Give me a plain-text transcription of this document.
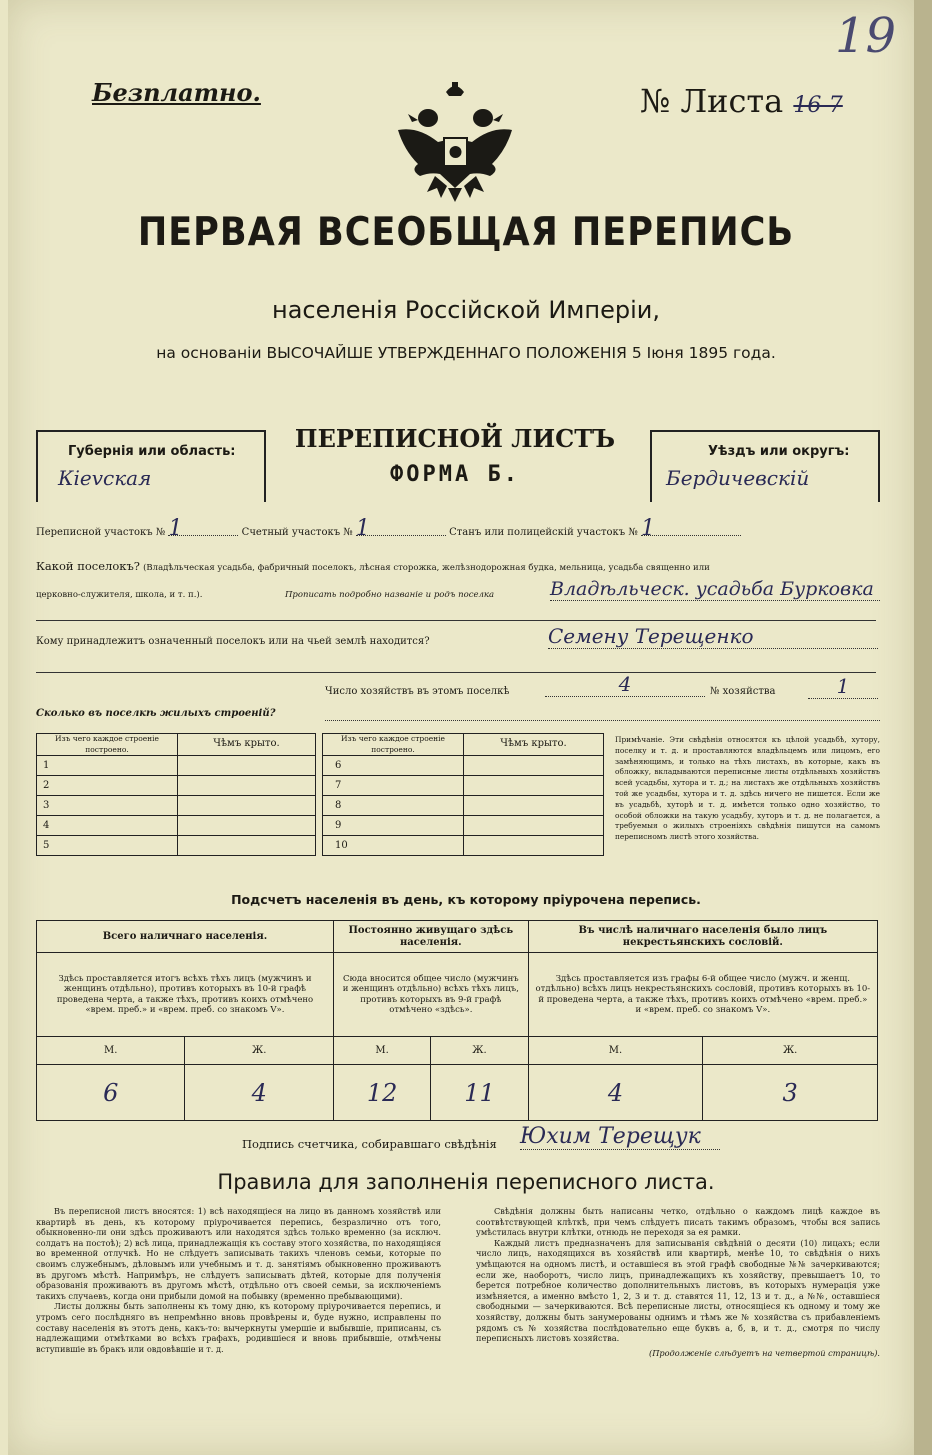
19
Безплатно.	№ Листа 16-7
ПЕРВАЯ ВСЕОБЩАЯ ПЕРЕПИСЬ
населенія Россійской Имперіи,
на основаніи ВЫСОЧАЙШЕ УТВЕРЖДЕННАГО ПОЛОЖЕНІЯ 5 Іюня 1895 года.
Губернія или область:
Кievская
ПЕРЕПИСНОЙ ЛИСТЪ
ФОРМА Б.
Уѣздъ или округъ:
Бердичевскій
Переписной участокъ № 1	Счетный участокъ № 1	Станъ или полицейскій участокъ № 1
Какой поселокъ? (Владѣльческая усадьба, фабричный поселокъ, лѣсная сторожка, желѣзнодорожная будка, мельница, усадьба священно или
церковно-служителя, школа, и т. п.).	Прописать подробно названіе и родъ поселка	Владѣльческ. усадьба Бурковка
Кому принадлежитъ означенный поселокъ или на чьей землѣ находится?	Семену Терещенко
Число хозяйствъ въ этомъ поселкѣ	4	№ хозяйства	1
Сколько въ поселкѣ жилыхъ строеній?
Изъ чего каждое строеніе построено.	Чѣмъ крыто.
1	
2	
3	
4	
5	
Изъ чего каждое строеніе построено.	Чѣмъ крыто.
6	
7	
8	
9	
10	
Примѣчаніе. Эти свѣдѣнія относятся къ цѣлой усадьбѣ, хутору, поселку и т. д. и проставляются владѣльцемъ или лицомъ, его замѣняющимъ, и только на тѣхъ листахъ, въ которые, какъ въ обложку, вкладываются переписные листы отдѣльныхъ хозяйствъ всей усадьбы, хутора и т. д.; на листахъ же отдѣльныхъ хозяйствъ той же усадьбы, хутора и т. д. здѣсь ничего не пишется. Если же въ усадьбѣ, хуторѣ и т. д. имѣется только одно хозяйство, то особой обложки на такую усадьбу, хуторъ и т. д. не полагается, а требуемыя о жилыхъ строеніяхъ свѣдѣнія пишутся на самомъ переписномъ листѣ этого хозяйства.
Подсчетъ населенія въ день, къ которому пріурочена перепись.
Всего наличнаго населенія.		Постоянно живущаго здѣсь населенія.		Въ числѣ наличнаго населенія было лицъ некрестьянскихъ сословій.	
Здѣсь проставляется итогъ всѣхъ тѣхъ лицъ (мужчинъ и женщинъ отдѣльно), противъ которыхъ въ 10-й графѣ проведена черта, а также тѣхъ, противъ коихъ отмѣчено «врем. преб.» и «врем. преб. со знакомъ V».		Сюда вносится общее число (мужчинъ и женщинъ отдѣльно) всѣхъ тѣхъ лицъ, противъ которыхъ въ 9-й графѣ отмѣчено «здѣсь».		Здѣсь проставляется изъ графы 6-й общее число (мужч. и женщ. отдѣльно) всѣхъ лицъ некрестьянскихъ сословій, противъ которыхъ въ 10-й проведена черта, а также тѣхъ, противъ коихъ отмѣчено «врем. преб.» и «врем. преб. со знакомъ V».	
М.	Ж.	М.	Ж.	М.	Ж.
6	4	12	11	4	3
Подпись счетчика, собиравшаго свѣдѣнія Юхим Терещук
Правила для заполненія переписного листа.
Въ переписной листъ вносятся: 1) всѣ находящіеся на лицо въ данномъ хозяйствѣ или квартирѣ въ день, къ которому пріурочивается перепись, безразлично отъ того, обыкновенно-ли они здѣсь проживаютъ или находятся здѣсь только временно (за исключ. солдатъ на постоѣ); 2) всѣ лица, принадлежащія къ составу этого хозяйства, по находящіяся во временной отлучкѣ. Но не слѣдуетъ записывать такихъ членовъ семьи, которые по своимъ служебнымъ, дѣловымъ или учебнымъ и т. д. занятіямъ обыкновенно проживаютъ въ другомъ мѣстѣ. Напримѣръ, не слѣдуетъ записывать дѣтей, которые для полученія образованія проживаютъ въ другомъ мѣстѣ, отдѣльно отъ своей семьи, за исключеніемъ такихъ случаевъ, когда они прибыли домой на побывку (временно пребывающими).
Листы должны быть заполнены къ тому дню, къ которому пріурочивается перепись, и утромъ сего послѣдняго въ непремѣнно вновь провѣрены и, буде нужно, исправлены по составу населенія въ этотъ день, какъ-то: вычеркнуты умершіе и выбывшіе, приписаны, съ надлежащими отмѣтками во всѣхъ графахъ, родившіеся и вновь прибывшіе, отмѣчены вступившіе въ бракъ или овдовѣвшіе и т. д.
Свѣдѣнія должны быть написаны четко, отдѣльно о каждомъ лицѣ каждое въ соотвѣтствующей клѣткѣ, при чемъ слѣдуетъ писать такимъ образомъ, чтобы вся запись умѣстилась внутри клѣтки, отнюдь не переходя за ея рамки.
Каждый листъ предназначенъ для записыванія свѣдѣній о десяти (10) лицахъ; если число лицъ, находящихся въ хозяйствѣ или квартирѣ, менѣе 10, то свѣдѣнія о нихъ умѣщаются на одномъ листѣ, и оставшіеся въ этой графѣ свободные №№ зачеркиваются; если же, наоборотъ, число лицъ, принадлежащихъ къ хозяйству, превышаетъ 10, то берется потребное количество дополнительныхъ листовъ, въ которыхъ нумерація уже измѣняется, а именно вмѣсто 1, 2, 3 и т. д. ставятся 11, 12, 13 и т. д., а №№, оставшіеся свободными — зачеркиваются. Всѣ переписные листы, относящіеся къ одному и тому же хозяйству, должны быть занумерованы однимъ и тѣмъ же № хозяйства съ прибавленіемъ рядомъ съ № хозяйства послѣдовательно еще буквъ а, б, в, и т. д., смотря по числу переписныхъ листовъ хозяйства.
(Продолженіе слѣдуетъ на четвертой страницѣ).
